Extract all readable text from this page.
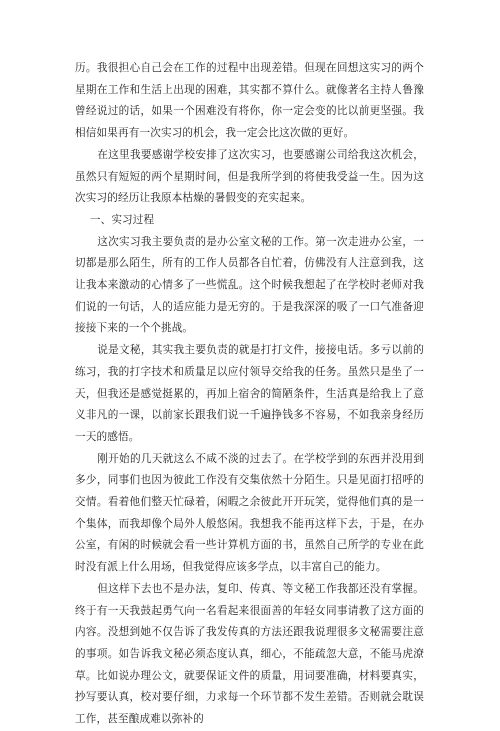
历。我很担心自己会在工作的过程中出现差错。但现在回想这实习的两个星期在工作和生活上出现的困难，其实都不算什么。就像著名主持人鲁豫曾经说过的话，如果一个困难没有将你，你一定会变的比以前更坚强。我相信如果再有一次实习的机会，我一定会比这次做的更好。

在这里我要感谢学校安排了这次实习，也要感谢公司给我这次机会，虽然只有短短的两个星期时间，但是我所学到的将使我受益一生。因为这次实习的经历让我原本枯燥的暑假变的充实起来。

一、实习过程

这次实习我主要负责的是办公室文秘的工作。第一次走进办公室，一切都是那么陌生，所有的工作人员都各自忙着，仿佛没有人注意到我，这让我本来激动的心情多了一些慌乱。这个时候我想起了在学校时老师对我们说的一句话，人的适应能力是无穷的。于是我深深的吸了一口气准备迎接接下来的一个个挑战。

说是文秘，其实我主要负责的就是打打文件，接接电话。多亏以前的练习，我的打字技术和质量足以应付领导交给我的任务。虽然只是坐了一天，但我还是感觉挺累的，再加上宿舍的简陋条件，生活真是给我上了意义非凡的一课，以前家长跟我们说一千遍挣钱多不容易，不如我亲身经历一天的感悟。

刚开始的几天就这么不咸不淡的过去了。在学校学到的东西并没用到多少，同事们也因为彼此工作没有交集依然十分陌生。只是见面打招呼的交情。看着他们整天忙碌着，闲暇之余彼此开开玩笑，觉得他们真的是一个集体，而我却像个局外人般悠闲。我想我不能再这样下去，于是，在办公室，有闲的时候就会看一些计算机方面的书，虽然自己所学的专业在此时没有派上什么用场，但我觉得应该多学点，以丰富自己的能力。

但这样下去也不是办法，复印、传真、等文秘工作我都还没有掌握。终于有一天我鼓起勇气向一名看起来很面善的年轻女同事请教了这方面的内容。没想到她不仅告诉了我发传真的方法还跟我说理很多文秘需要注意的事项。如告诉我文秘必须态度认真，细心，不能疏忽大意，不能马虎潦草。比如说办理公文，就要保证文件的质量，用词要准确，材料要真实，抄写要认真，校对要仔细，力求每一个环节都不发生差错。否则就会耽误工作，甚至酿成难以弥补的
